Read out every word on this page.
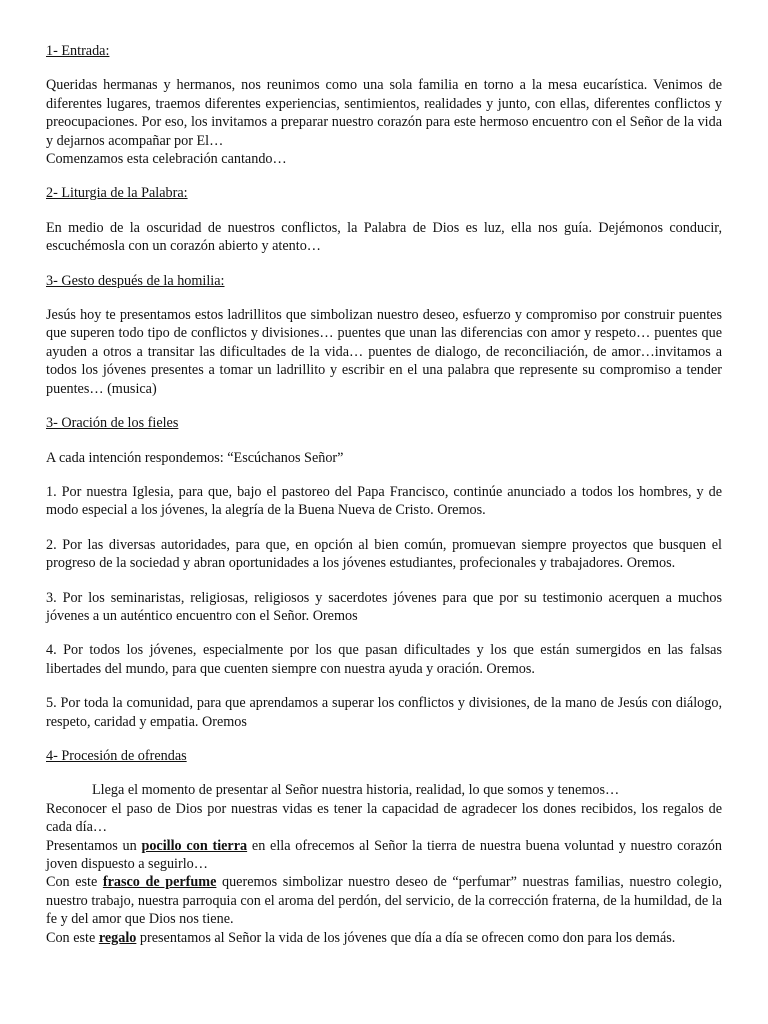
1- Entrada:

Queridas hermanas y hermanos, nos reunimos como una sola familia en torno a la mesa eucarística. Venimos de diferentes lugares, traemos diferentes experiencias, sentimientos, realidades y junto, con ellas, diferentes conflictos y preocupaciones. Por eso, los invitamos a preparar nuestro corazón para este hermoso encuentro con el Señor de la vida y dejarnos acompañar por El…

Comenzamos esta celebración cantando…

2- Liturgia de la Palabra:

En medio de la oscuridad de nuestros conflictos, la Palabra de Dios es luz, ella nos guía. Dejémonos conducir, escuchémosla con un corazón abierto y atento…

3- Gesto después de la homilia:

Jesús hoy te presentamos estos ladrillitos que simbolizan nuestro deseo, esfuerzo y compromiso por construir puentes que superen todo tipo de conflictos y divisiones… puentes que unan las diferencias con amor y respeto… puentes que ayuden a otros a transitar las dificultades de la vida… puentes de dialogo, de reconciliación, de amor…invitamos a todos los jóvenes presentes a tomar un ladrillito y escribir en el una palabra que represente su compromiso a tender puentes… (musica)

3- Oración de los fieles

A cada intención respondemos: “Escúchanos Señor”

1. Por nuestra Iglesia, para que, bajo el pastoreo del Papa Francisco, continúe anunciado a todos los hombres, y de modo especial a los jóvenes, la alegría de la Buena Nueva de Cristo. Oremos.

2. Por las diversas autoridades, para que, en opción al bien común, promuevan siempre proyectos que busquen el progreso de la sociedad y abran oportunidades a los jóvenes estudiantes, profecionales y trabajadores. Oremos.

3. Por los seminaristas, religiosas, religiosos y sacerdotes jóvenes para que por su testimonio acerquen a muchos jóvenes a un auténtico encuentro con el Señor. Oremos

4. Por todos los jóvenes, especialmente por los que pasan dificultades y los que están sumergidos en las falsas libertades del mundo, para que cuenten siempre con nuestra ayuda y oración. Oremos.

5. Por toda la comunidad, para que aprendamos a superar los conflictos y divisiones, de la mano de Jesús con diálogo, respeto, caridad y empatia. Oremos

4- Procesión de ofrendas

Llega el momento de presentar al Señor nuestra historia, realidad, lo que somos y tenemos…

Reconocer el paso de Dios por nuestras vidas es tener la capacidad de agradecer los dones recibidos, los regalos de cada día…

Presentamos un pocillo con tierra en ella ofrecemos al Señor la tierra de nuestra buena voluntad y nuestro corazón joven dispuesto a seguirlo…

Con este frasco de perfume queremos simbolizar nuestro deseo de “perfumar” nuestras familias, nuestro colegio, nuestro trabajo, nuestra parroquia con el aroma del perdón, del servicio, de la corrección fraterna, de la humildad, de la fe y del amor que Dios nos tiene.

Con este regalo presentamos al Señor la vida de los jóvenes que día a día se ofrecen como don para los demás.
